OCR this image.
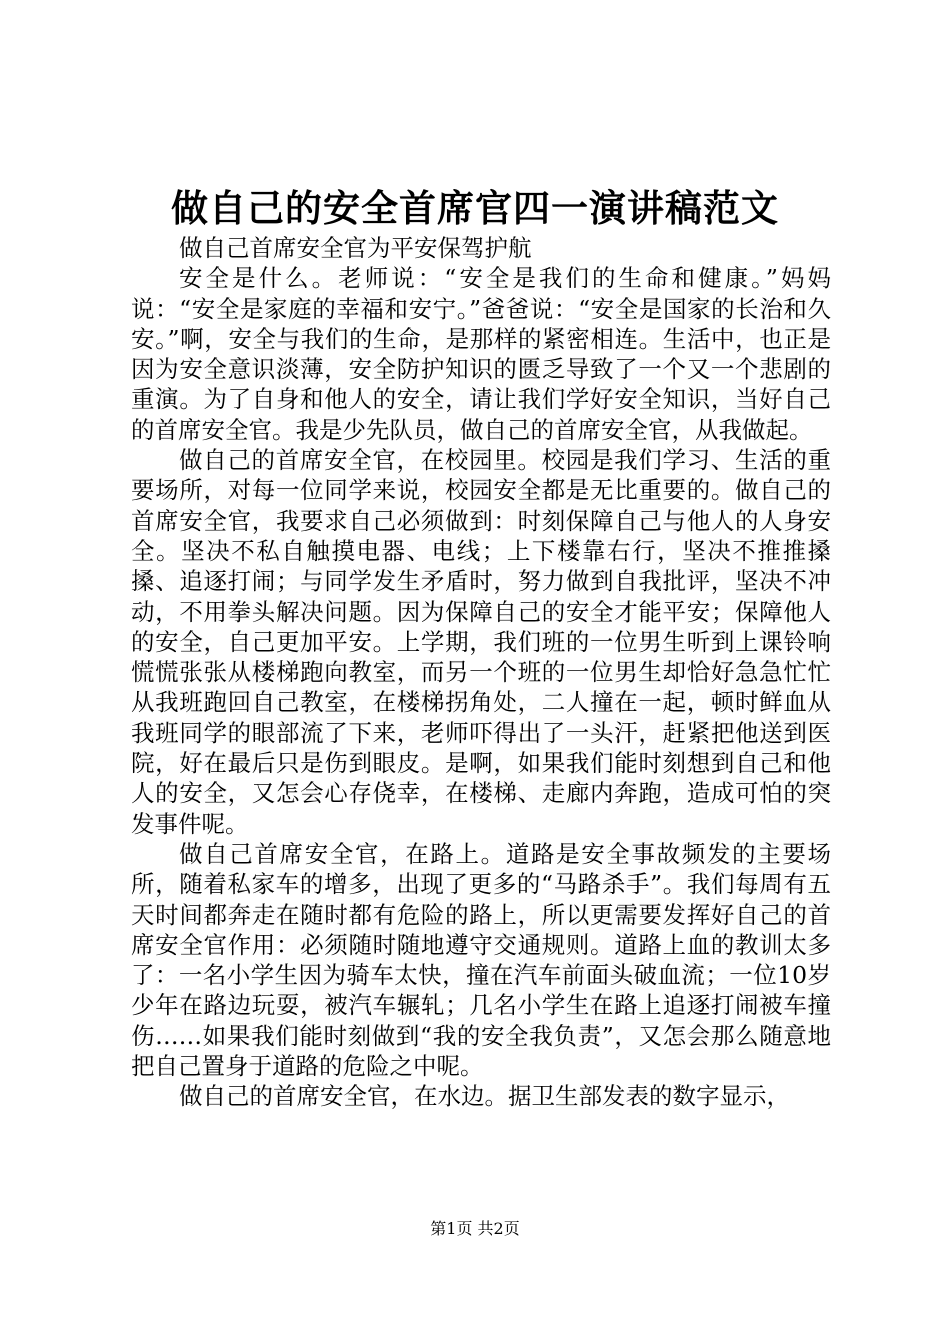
做自己的安全首席官四一演讲稿范文

做自己首席安全官为平安保驾护航

安全是什么。老师说：“安全是我们的生命和健康。”妈妈说：“安全是家庭的幸福和安宁。”爸爸说：“安全是国家的长治和久安。”啊，安全与我们的生命，是那样的紧密相连。生活中，也正是因为安全意识淡薄，安全防护知识的匮乏导致了一个又一个悲剧的重演。为了自身和他人的安全，请让我们学好安全知识，当好自己的首席安全官。我是少先队员，做自己的首席安全官，从我做起。

做自己的首席安全官，在校园里。校园是我们学习、生活的重要场所，对每一位同学来说，校园安全都是无比重要的。做自己的首席安全官，我要求自己必须做到：时刻保障自己与他人的人身安全。坚决不私自触摸电器、电线；上下楼靠右行，坚决不推推搡搡、追逐打闹；与同学发生矛盾时，努力做到自我批评，坚决不冲动，不用拳头解决问题。因为保障自己的安全才能平安；保障他人的安全，自己更加平安。上学期，我们班的一位男生听到上课铃响慌慌张张从楼梯跑向教室，而另一个班的一位男生却恰好急急忙忙从我班跑回自己教室，在楼梯拐角处，二人撞在一起，顿时鲜血从我班同学的眼部流了下来，老师吓得出了一头汗，赶紧把他送到医院，好在最后只是伤到眼皮。是啊，如果我们能时刻想到自己和他人的安全，又怎会心存侥幸，在楼梯、走廊内奔跑，造成可怕的突发事件呢。

做自己首席安全官，在路上。道路是安全事故频发的主要场所，随着私家车的增多，出现了更多的“马路杀手”。我们每周有五天时间都奔走在随时都有危险的路上，所以更需要发挥好自己的首席安全官作用：必须随时随地遵守交通规则。道路上血的教训太多了：一名小学生因为骑车太快，撞在汽车前面头破血流；一位10岁少年在路边玩耍，被汽车辗轧；几名小学生在路上追逐打闹被车撞伤……如果我们能时刻做到“我的安全我负责”，又怎会那么随意地把自己置身于道路的危险之中呢。

做自己的首席安全官，在水边。据卫生部发表的数字显示，

第1页 共2页
